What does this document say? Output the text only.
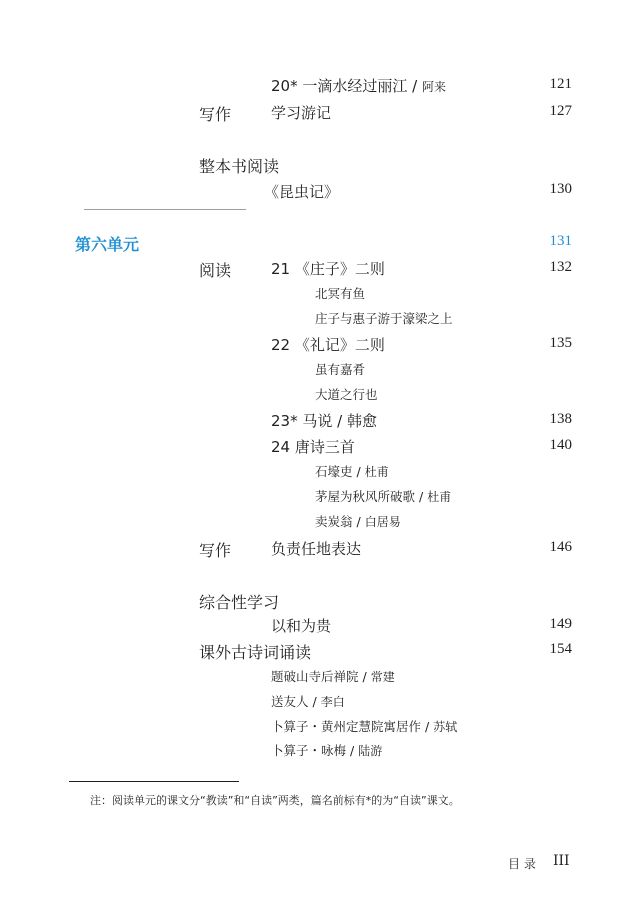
20* 一滴水经过丽江 / 阿来	121
写作	学习游记	127
整本书阅读
《昆虫记》	130
第六单元	131
阅读	21 《庄子》二则	132
北冥有鱼
庄子与惠子游于濠梁之上
22 《礼记》二则	135
虽有嘉肴
大道之行也
23* 马说 / 韩愈	138
24 唐诗三首	140
石壕吏 / 杜甫
茅屋为秋风所破歌 / 杜甫
卖炭翁 / 白居易
写作	负责任地表达	146
综合性学习
以和为贵	149
课外古诗词诵读	154
题破山寺后禅院 / 常建
送友人 / 李白
卜算子・黄州定慧院寓居作 / 苏轼
卜算子・咏梅 / 陆游
注：阅读单元的课文分“教读”和“自读”两类，篇名前标有*的为“自读”课文。
目 录 III
